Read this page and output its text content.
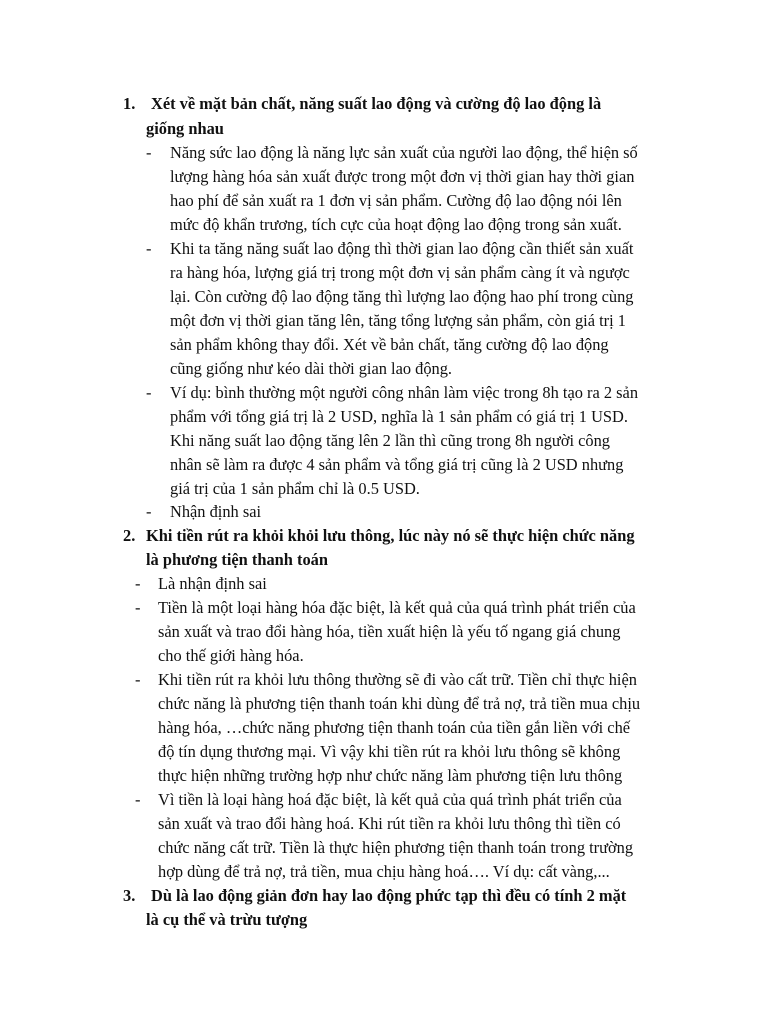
1. Xét về mặt bản chất, năng suất lao động và cường độ lao động là
giống nhau
- Năng sức lao động là năng lực sản xuất của người lao động, thể hiện số
lượng hàng hóa sản xuất được trong một đơn vị thời gian hay thời gian
hao phí để sản xuất ra 1 đơn vị sản phẩm. Cường độ lao động nói lên
mức độ khẩn trương, tích cực của hoạt động lao động trong sản xuất.
- Khi ta tăng năng suất lao động thì thời gian lao động cần thiết sản xuất
ra hàng hóa, lượng giá trị trong một đơn vị sản phẩm càng ít và ngược
lại. Còn cường độ lao động tăng thì lượng lao động hao phí trong cùng
một đơn vị thời gian tăng lên, tăng tổng lượng sản phẩm, còn giá trị 1
sản phẩm không thay đổi. Xét về bản chất, tăng cường độ lao động
cũng giống như kéo dài thời gian lao động.
- Ví dụ: bình thường một người công nhân làm việc trong 8h tạo ra 2 sản
phẩm với tổng giá trị là 2 USD, nghĩa là 1 sản phẩm có giá trị 1 USD.
Khi năng suất lao động tăng lên 2 lần thì cũng trong 8h người công
nhân sẽ làm ra được 4 sản phẩm và tổng giá trị cũng là 2 USD nhưng
giá trị của 1 sản phẩm chỉ là 0.5 USD.
- Nhận định sai
2. Khi tiền rút ra khỏi khỏi lưu thông, lúc này nó sẽ thực hiện chức năng
là phương tiện thanh toán
- Là nhận định sai
- Tiền là một loại hàng hóa đặc biệt, là kết quả của quá trình phát triển của
sản xuất và trao đổi hàng hóa, tiền xuất hiện là yếu tố ngang giá chung
cho thế giới hàng hóa.
- Khi tiền rút ra khỏi lưu thông thường sẽ đi vào cất trữ. Tiền chỉ thực hiện
chức năng là phương tiện thanh toán khi dùng để trả nợ, trả tiền mua chịu
hàng hóa, …chức năng phương tiện thanh toán của tiền gắn liền với chế
độ tín dụng thương mại. Vì vậy khi tiền rút ra khỏi lưu thông sẽ không
thực hiện những trường hợp như chức năng làm phương tiện lưu thông
- Vì tiền là loại hàng hoá đặc biệt, là kết quả của quá trình phát triển của
sản xuất và trao đổi hàng hoá. Khi rút tiền ra khỏi lưu thông thì tiền có
chức năng cất trữ. Tiền là thực hiện phương tiện thanh toán trong trường
hợp dùng để trả nợ, trả tiền, mua chịu hàng hoá…. Ví dụ: cất vàng,...
3. Dù là lao động giản đơn hay lao động phức tạp thì đều có tính 2 mặt
là cụ thể và trừu tượng
